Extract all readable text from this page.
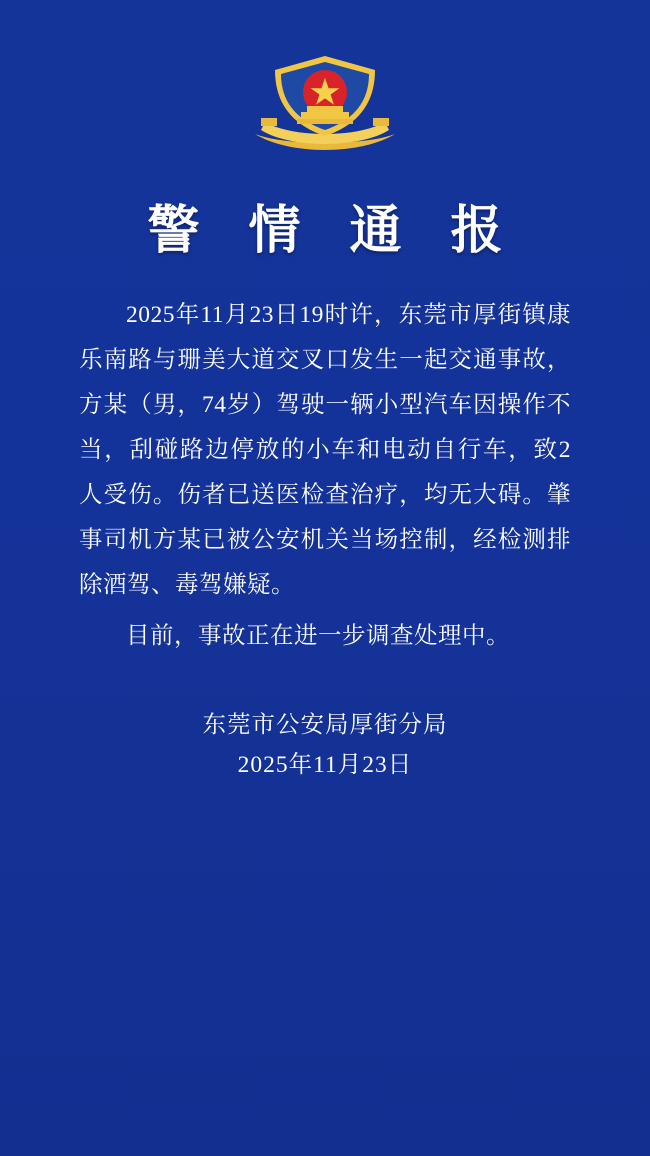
警 情 通 报
2025年11月23日19时许，东莞市厚街镇康乐南路与珊美大道交叉口发生一起交通事故，方某（男，74岁）驾驶一辆小型汽车因操作不当，刮碰路边停放的小车和电动自行车，致2人受伤。伤者已送医检查治疗，均无大碍。肇事司机方某已被公安机关当场控制，经检测排除酒驾、毒驾嫌疑。
目前，事故正在进一步调查处理中。
东莞市公安局厚街分局
2025年11月23日
